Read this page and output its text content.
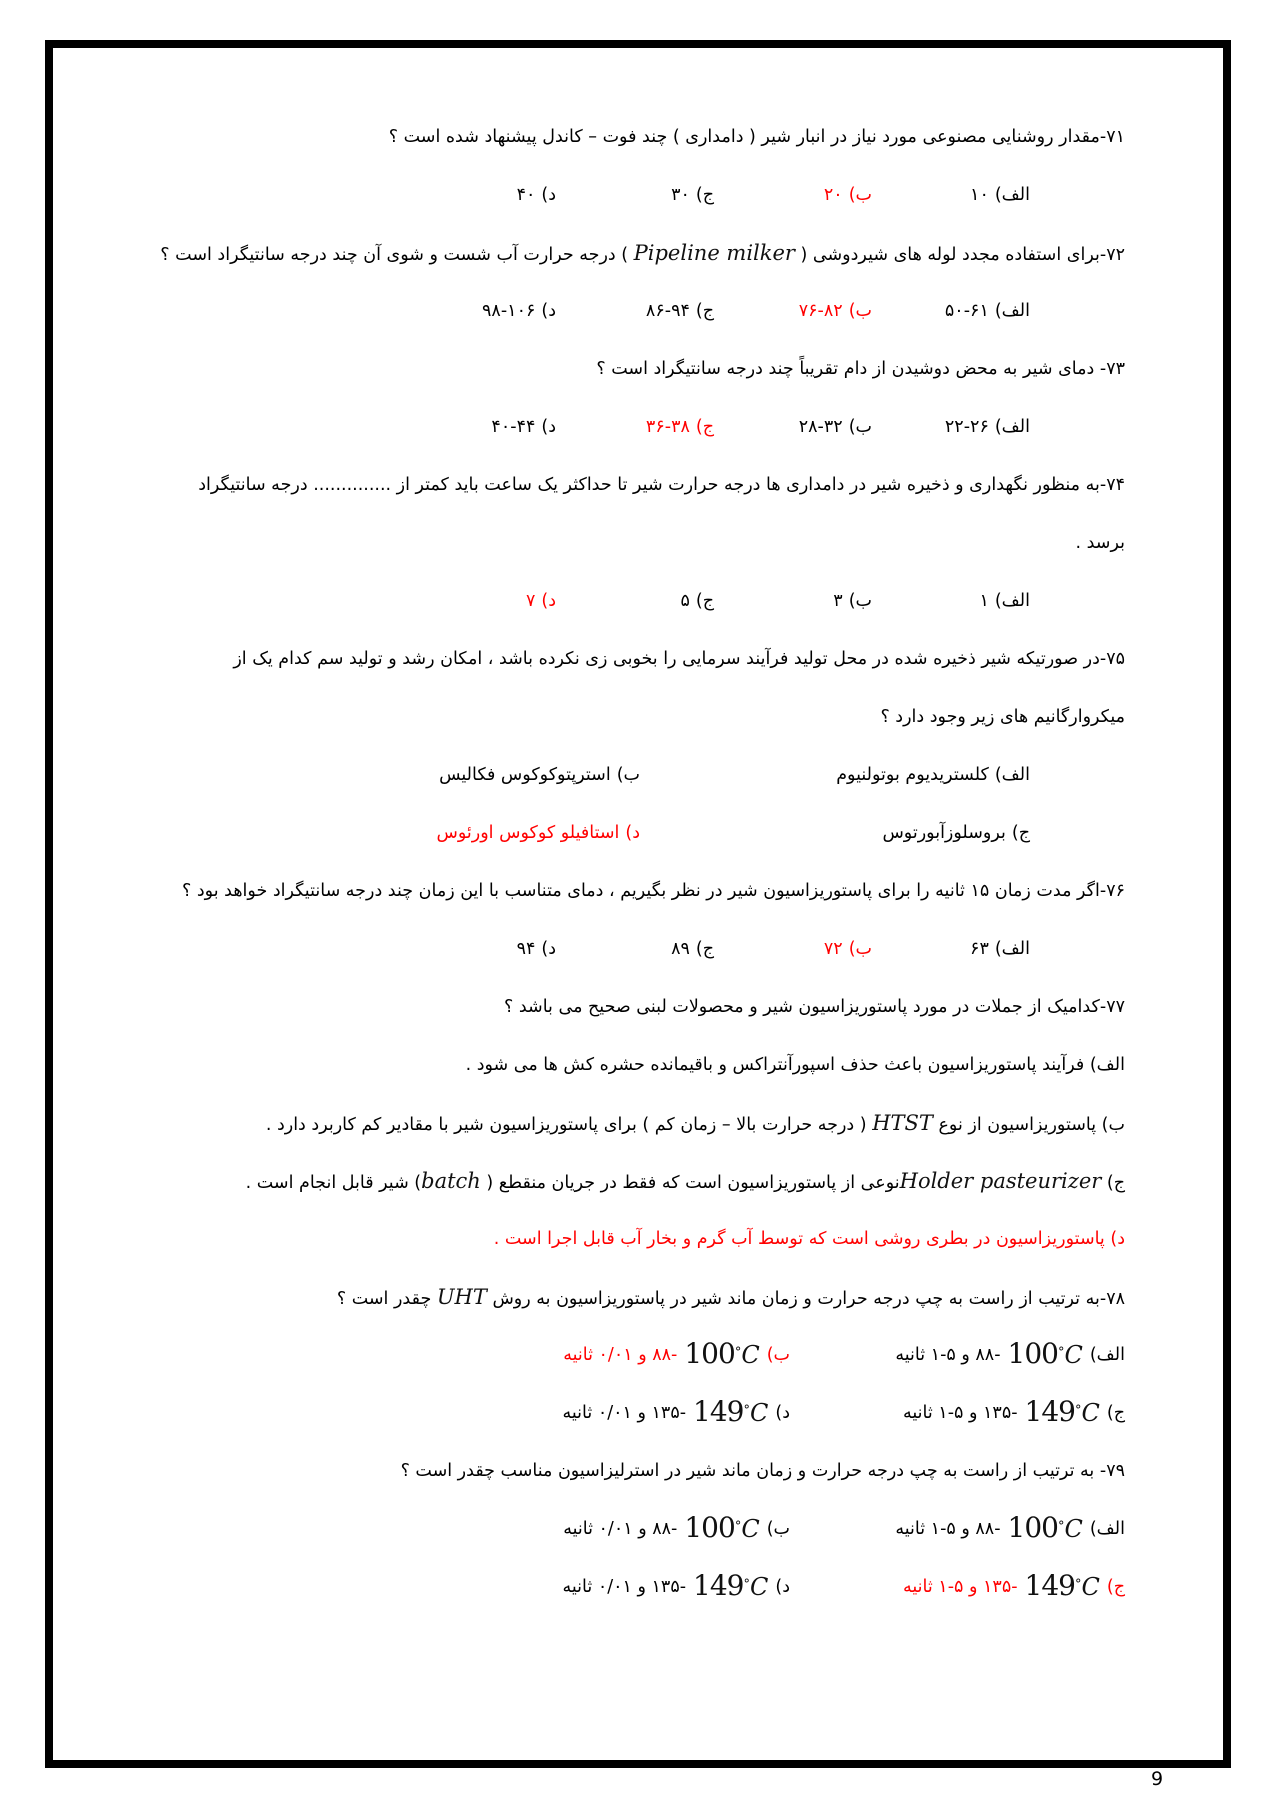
۷۱-مقدار روشنایی مصنوعی مورد نیاز در انبار شیر ( دامداری ) چند فوت – کاندل پیشنهاد شده است ؟
الف)۱۰
ب)۲۰
ج)۳۰
د)۴۰
۷۲-برای استفاده مجدد لوله های شیردوشی ( Pipeline milker ) درجه حرارت آب شست و شوی آن چند درجه سانتیگراد است ؟
الف)۶۱-۵۰
ب)۸۲-۷۶
ج)۹۴-۸۶
د)۱۰۶-۹۸
۷۳- دمای شیر به محض دوشیدن از دام تقریباً چند درجه سانتیگراد است ؟
الف)۲۶-۲۲
ب)۳۲-۲۸
ج)۳۸-۳۶
د)۴۴-۴۰
۷۴-به منظور نگهداری و ذخیره شیر در دامداری ها درجه حرارت شیر تا حداکثر یک ساعت باید کمتر از .............. درجه سانتیگراد
برسد .
الف)۱
ب)۳
ج)۵
د)۷
۷۵-در صورتیکه شیر ذخیره شده در محل تولید فرآیند سرمایی را بخوبی زی نکرده باشد ، امکان رشد و تولید سم کدام یک از
میکروارگانیم های زیر وجود دارد ؟
الف)کلستریدیوم بوتولنیوم
ب)استرپتوکوکوس فکالیس
ج)بروسلوزآبورتوس
د)استافیلو کوکوس اورئوس
۷۶-اگر مدت زمان ۱۵ ثانیه را برای پاستوریزاسیون شیر در نظر بگیریم ، دمای متناسب با این زمان چند درجه سانتیگراد خواهد بود ؟
الف)۶۳
ب)۷۲
ج)۸۹
د)۹۴
۷۷-کدامیک از جملات در مورد پاستوریزاسیون شیر و محصولات لبنی صحیح می باشد ؟
الف) فرآیند پاستوریزاسیون باعث حذف اسپورآنتراکس و باقیمانده حشره کش ها می شود .
ب) پاستوریزاسیون از نوع HTST ( درجه حرارت بالا – زمان کم ) برای پاستوریزاسیون شیر با مقادیر کم کاربرد دارد .
ج) Holder pasteurizerنوعی از پاستوریزاسیون است که فقط در جریان منقطع ( batch) شیر قابل انجام است .
د) پاستوریزاسیون در بطری روشی است که توسط آب گرم و بخار آب قابل اجرا است .
۷۸-به ترتیب از راست به چپ درجه حرارت و زمان ماند شیر در پاستوریزاسیون به روش UHT چقدر است ؟
الف)
100°C
-۸۸ و ۵-۱ ثانیه
ب)
100°C
-۸۸ و ۰/۰۱ ثانیه
ج)
149°C
-۱۳۵ و ۵-۱ ثانیه
د)
149°C
-۱۳۵ و ۰/۰۱ ثانیه
۷۹- به ترتیب از راست به چپ درجه حرارت و زمان ماند شیر در استرلیزاسیون مناسب چقدر است ؟
الف)
100°C
-۸۸ و ۵-۱ ثانیه
ب)
100°C
-۸۸ و ۰/۰۱ ثانیه
ج)
149°C
-۱۳۵ و ۵-۱ ثانیه
د)
149°C
-۱۳۵ و ۰/۰۱ ثانیه
9
